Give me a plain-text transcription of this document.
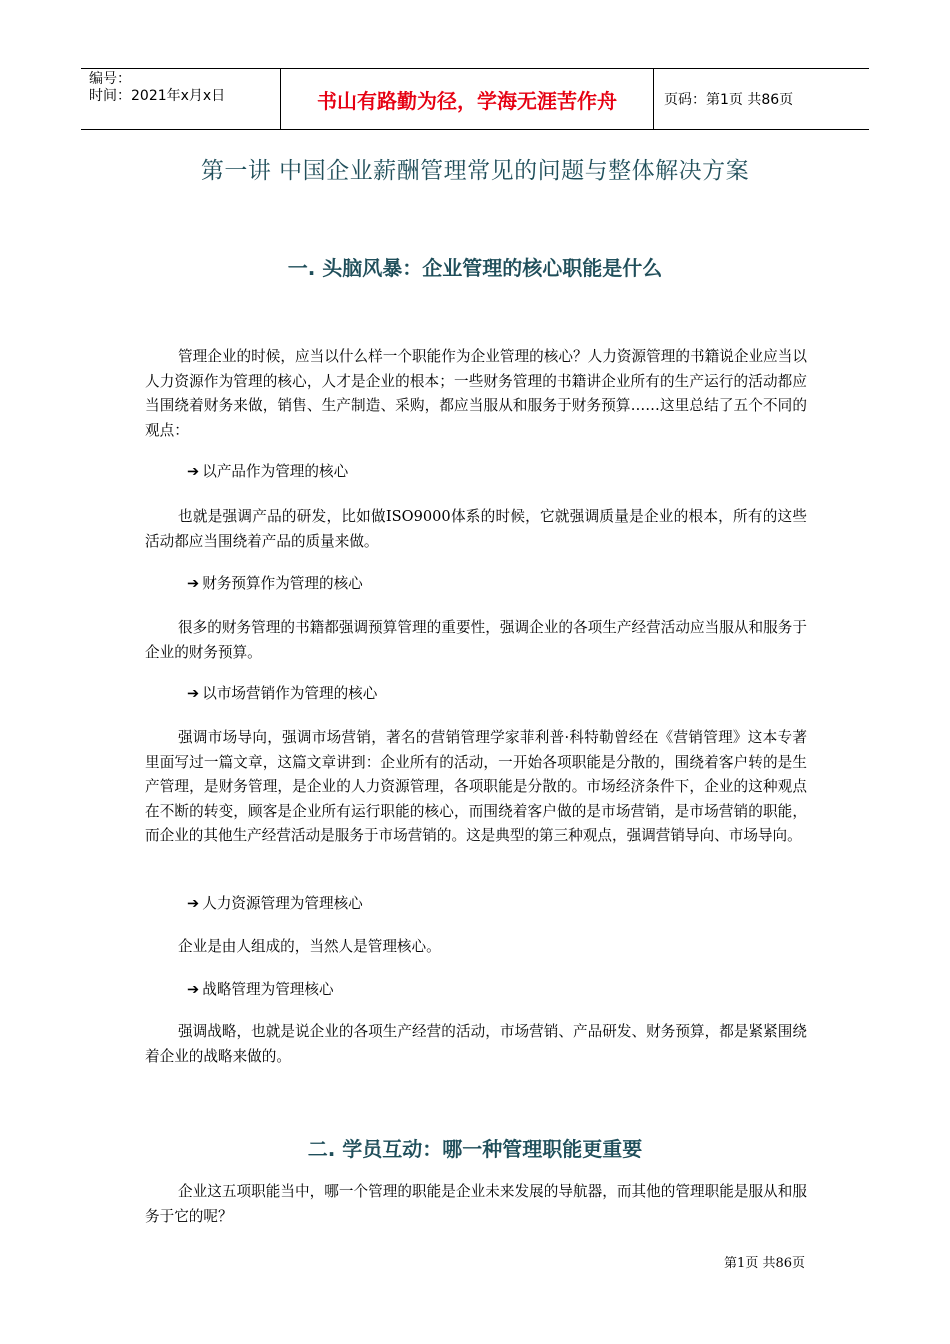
编号：
时间：2021年x月x日	书山有路勤为径，学海无涯苦作舟	页码：第1页 共86页
第一讲 中国企业薪酬管理常见的问题与整体解决方案
一. 头脑风暴：企业管理的核心职能是什么

管理企业的时候，应当以什么样一个职能作为企业管理的核心？人力资源管理的书籍说企业应当以人力资源作为管理的核心，人才是企业的根本；一些财务管理的书籍讲企业所有的生产运行的活动都应当围绕着财务来做，销售、生产制造、采购，都应当服从和服务于财务预算……这里总结了五个不同的观点：

➔ 以产品作为管理的核心

也就是强调产品的研发，比如做ISO9000体系的时候，它就强调质量是企业的根本，所有的这些活动都应当围绕着产品的质量来做。

➔ 财务预算作为管理的核心

很多的财务管理的书籍都强调预算管理的重要性，强调企业的各项生产经营活动应当服从和服务于企业的财务预算。

➔ 以市场营销作为管理的核心

强调市场导向，强调市场营销，著名的营销管理学家菲利普·科特勒曾经在《营销管理》这本专著里面写过一篇文章，这篇文章讲到：企业所有的活动，一开始各项职能是分散的，围绕着客户转的是生产管理，是财务管理，是企业的人力资源管理，各项职能是分散的。市场经济条件下，企业的这种观点在不断的转变，顾客是企业所有运行职能的核心，而围绕着客户做的是市场营销，是市场营销的职能，而企业的其他生产经营活动是服务于市场营销的。这是典型的第三种观点，强调营销导向、市场导向。

➔ 人力资源管理为管理核心

企业是由人组成的，当然人是管理核心。

➔ 战略管理为管理核心

强调战略，也就是说企业的各项生产经营的活动，市场营销、产品研发、财务预算，都是紧紧围绕着企业的战略来做的。

二. 学员互动：哪一种管理职能更重要

企业这五项职能当中，哪一个管理的职能是企业未来发展的导航器，而其他的管理职能是服从和服务于它的呢？

第1页 共86页
